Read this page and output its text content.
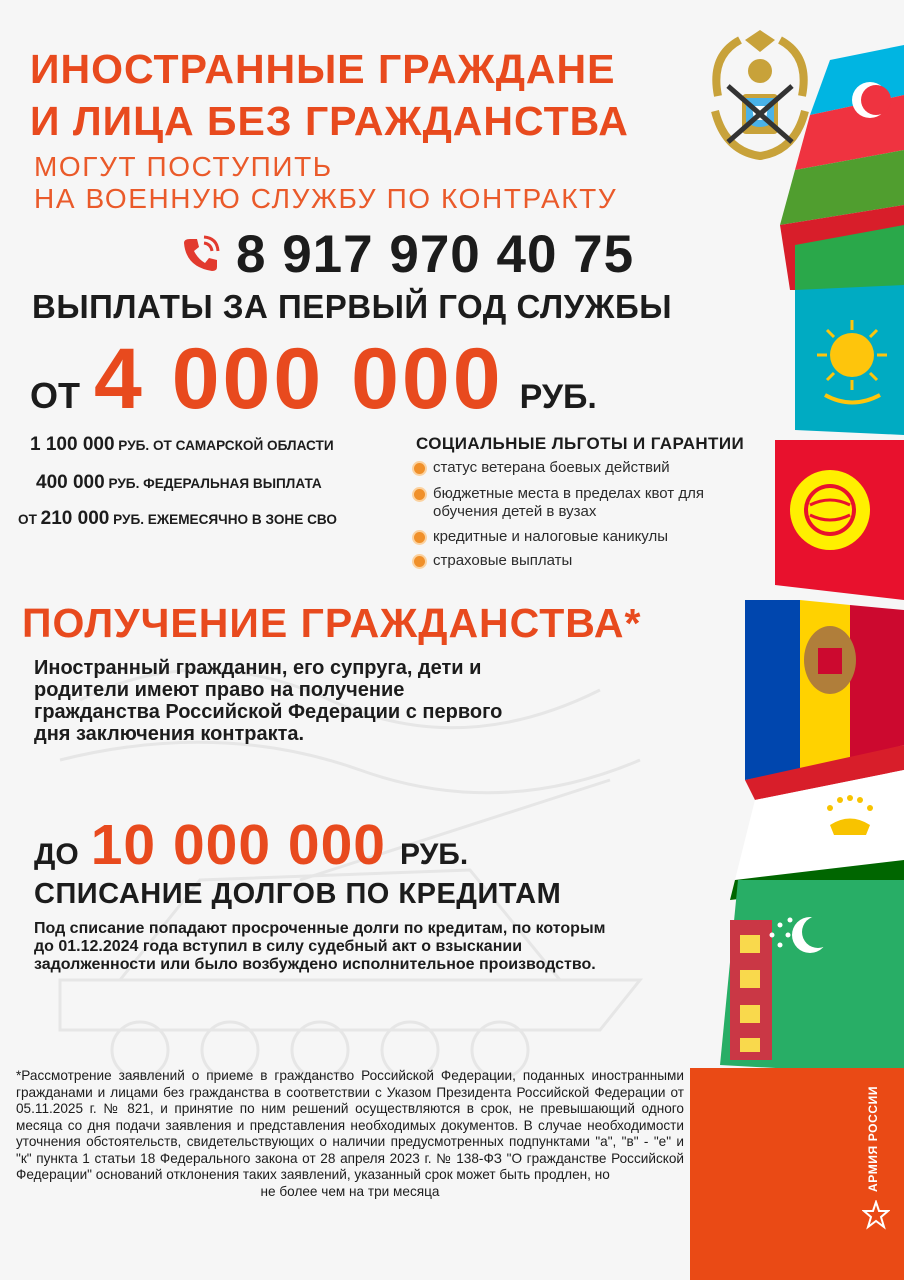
ИНОСТРАННЫЕ ГРАЖДАНЕ
И ЛИЦА БЕЗ ГРАЖДАНСТВА
МОГУТ ПОСТУПИТЬ
НА ВОЕННУЮ СЛУЖБУ ПО КОНТРАКТУ
8 917 970 40 75
ВЫПЛАТЫ ЗА ПЕРВЫЙ ГОД СЛУЖБЫ
ОТ 4 000 000 РУБ.
1 100 000 РУБ. ОТ САМАРСКОЙ ОБЛАСТИ
400 000 РУБ. ФЕДЕРАЛЬНАЯ ВЫПЛАТА
ОТ 210 000 РУБ. ЕЖЕМЕСЯЧНО В ЗОНЕ СВО
СОЦИАЛЬНЫЕ ЛЬГОТЫ И ГАРАНТИИ
статус ветерана боевых действий
бюджетные места в пределах квот для обучения детей в вузах
кредитные и налоговые каникулы
страховые выплаты
ПОЛУЧЕНИЕ ГРАЖДАНСТВА*
Иностранный гражданин, его супруга, дети и родители имеют право на получение гражданства Российской Федерации с первого дня заключения контракта.
ДО 10 000 000 РУБ.
СПИСАНИЕ ДОЛГОВ ПО КРЕДИТАМ
Под списание попадают просроченные долги по кредитам, по которым до 01.12.2024 года вступил в силу судебный акт о взыскании задолженности или было возбуждено исполнительное производство.
*Рассмотрение заявлений о приеме в гражданство Российской Федерации, поданных иностранными гражданами и лицами без гражданства в соответствии с Указом Президента Российской Федерации от 05.11.2025 г. № 821, и принятие по ним решений осуществляются в срок, не превышающий одного месяца со дня подачи заявления и представления необходимых документов. В случае необходимости уточнения обстоятельств, свидетельствующих о наличии предусмотренных подпунктами "а", "в" - "е" и "к" пункта 1 статьи 18 Федерального закона от 28 апреля 2023 г. № 138-ФЗ "О гражданстве Российской Федерации" оснований отклонения таких заявлений, указанный срок может быть продлен, но
не более чем на три месяца	АРМИЯ РОССИИ
